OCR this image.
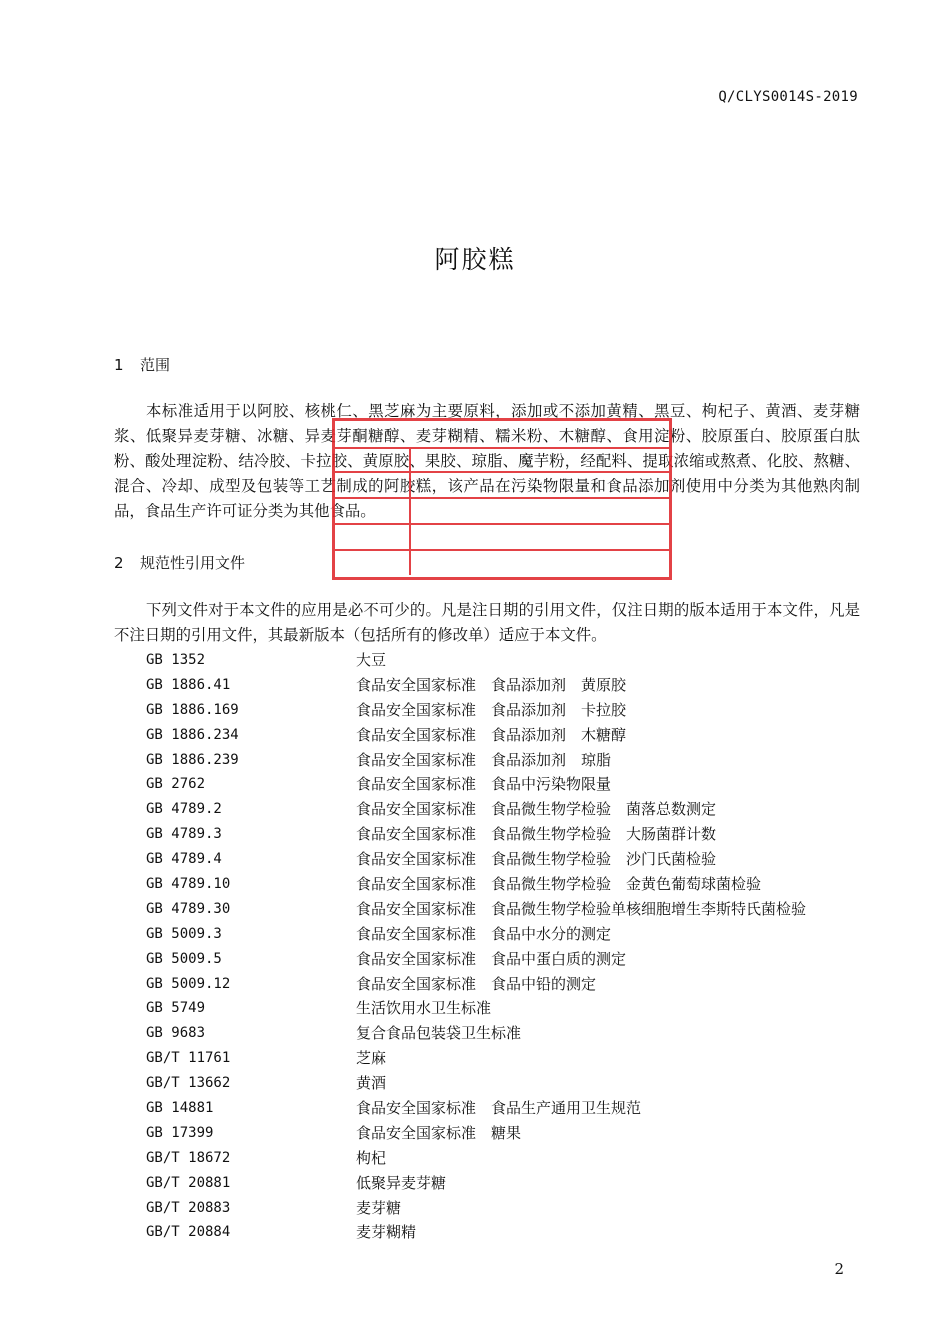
Q/CLYS0014S-2019
阿胶糕
1 范围
本标准适用于以阿胶、核桃仁、黑芝麻为主要原料，添加或不添加黄精、黑豆、枸杞子、黄酒、麦芽糖浆、低聚异麦芽糖、冰糖、异麦芽酮糖醇、麦芽糊精、糯米粉、木糖醇、食用淀粉、胶原蛋白、胶原蛋白肽粉、酸处理淀粉、结冷胶、卡拉胶、黄原胶、果胶、琼脂、魔芋粉，经配料、提取浓缩或熬煮、化胶、熬糖、混合、冷却、成型及包装等工艺制成的阿胶糕，该产品在污染物限量和食品添加剂使用中分类为其他熟肉制品，食品生产许可证分类为其他食品。
2 规范性引用文件
下列文件对于本文件的应用是必不可少的。凡是注日期的引用文件，仅注日期的版本适用于本文件，凡是不注日期的引用文件，其最新版本（包括所有的修改单）适应于本文件。
GB 1352	大豆
GB 1886.41	食品安全国家标准　食品添加剂　黄原胶
GB 1886.169	食品安全国家标准　食品添加剂　卡拉胶
GB 1886.234	食品安全国家标准　食品添加剂　木糖醇
GB 1886.239	食品安全国家标准　食品添加剂　琼脂
GB 2762	食品安全国家标准　食品中污染物限量
GB 4789.2	食品安全国家标准　食品微生物学检验　菌落总数测定
GB 4789.3	食品安全国家标准　食品微生物学检验　大肠菌群计数
GB 4789.4	食品安全国家标准　食品微生物学检验　沙门氏菌检验
GB 4789.10	食品安全国家标准　食品微生物学检验　金黄色葡萄球菌检验
GB 4789.30	食品安全国家标准　食品微生物学检验单核细胞增生李斯特氏菌检验
GB 5009.3	食品安全国家标准　食品中水分的测定
GB 5009.5	食品安全国家标准　食品中蛋白质的测定
GB 5009.12	食品安全国家标准　食品中铅的测定
GB 5749	生活饮用水卫生标准
GB 9683	复合食品包装袋卫生标准
GB/T 11761	芝麻
GB/T 13662	黄酒
GB 14881	食品安全国家标准　食品生产通用卫生规范
GB 17399	食品安全国家标准　糖果
GB/T 18672	枸杞
GB/T 20881	低聚异麦芽糖
GB/T 20883	麦芽糖
GB/T 20884	麦芽糊精
2
